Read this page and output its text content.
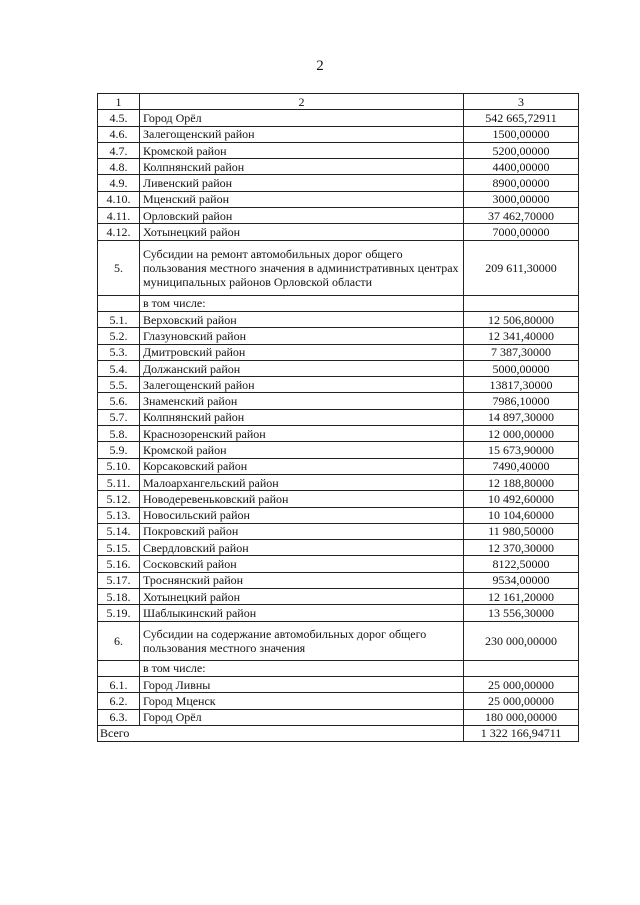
2
1	2	3
4.5.	Город Орёл	542 665,72911
4.6.	Залегощенский район	1500,00000
4.7.	Кромской район	5200,00000
4.8.	Колпнянский район	4400,00000
4.9.	Ливенский район	8900,00000
4.10.	Мценский район	3000,00000
4.11.	Орловский район	37 462,70000
4.12.	Хотынецкий район	7000,00000
5.	Субсидии на ремонт автомобильных дорог общего пользования местного значения в административных центрах муниципальных районов Орловской области	209 611,30000
	в том числе:	
5.1.	Верховский район	12 506,80000
5.2.	Глазуновский район	12 341,40000
5.3.	Дмитровский район	7 387,30000
5.4.	Должанский район	5000,00000
5.5.	Залегощенский район	13817,30000
5.6.	Знаменский район	7986,10000
5.7.	Колпнянский район	14 897,30000
5.8.	Краснозоренский район	12 000,00000
5.9.	Кромской район	15 673,90000
5.10.	Корсаковский район	7490,40000
5.11.	Малоархангельский район	12 188,80000
5.12.	Новодеревеньковский район	10 492,60000
5.13.	Новосильский район	10 104,60000
5.14.	Покровский район	11 980,50000
5.15.	Свердловский район	12 370,30000
5.16.	Сосковский район	8122,50000
5.17.	Троснянский район	9534,00000
5.18.	Хотынецкий район	12 161,20000
5.19.	Шаблыкинский район	13 556,30000
6.	Субсидии на содержание автомобильных дорог общего пользования местного значения	230 000,00000
	в том числе:	
6.1.	Город Ливны	25 000,00000
6.2.	Город Мценск	25 000,00000
6.3.	Город Орёл	180 000,00000
Всего		1 322 166,94711
